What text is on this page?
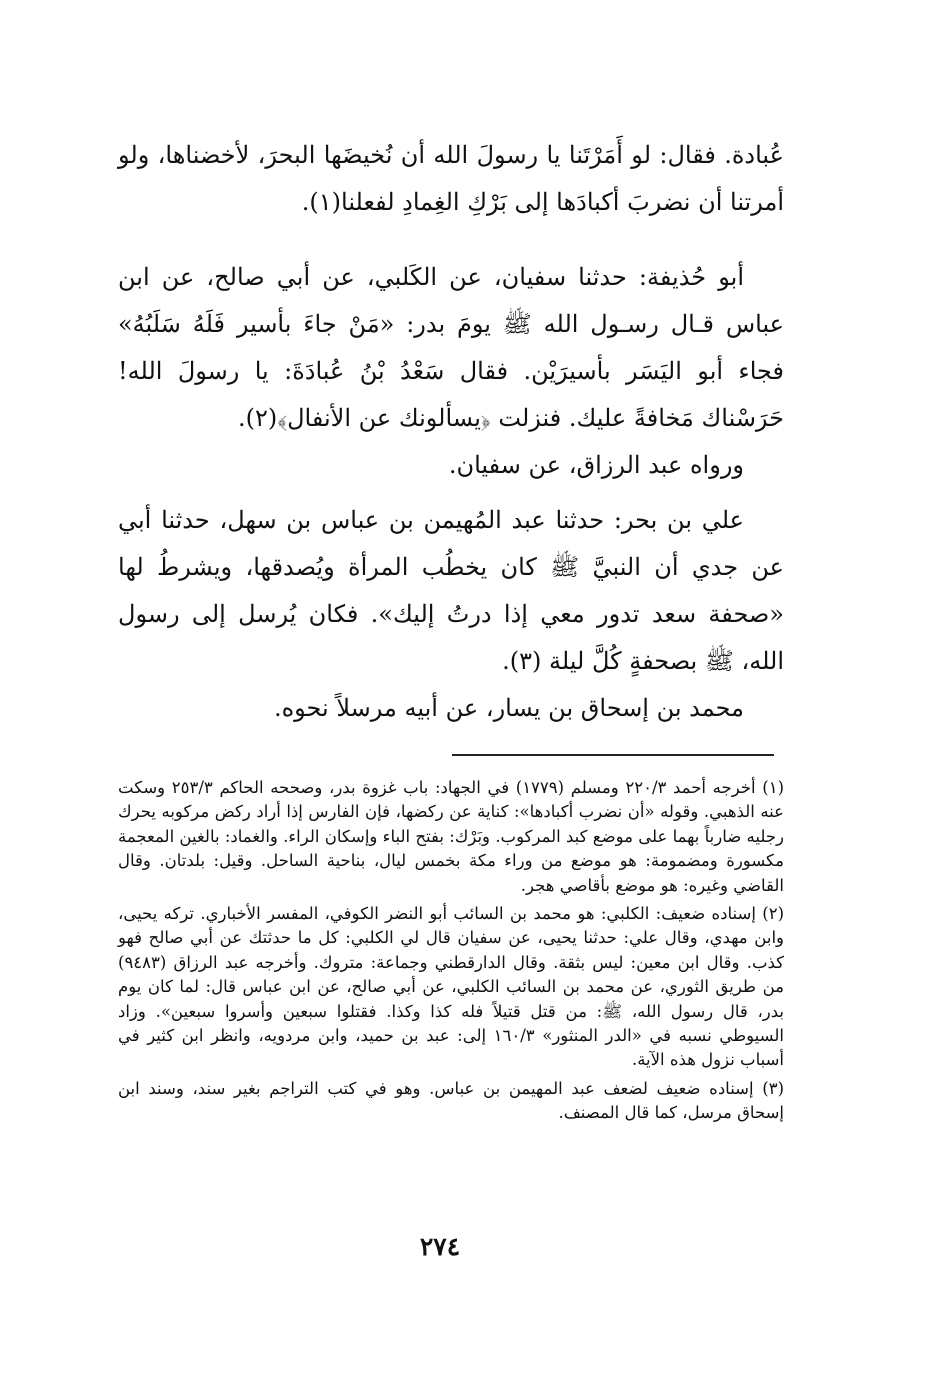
عُبادة. فقال: لو أَمَرْتَنا يا رسولَ الله أن نُخيضَها البحرَ، لأخضناها، ولو أمرتنا أن نضربَ أكبادَها إلى بَرْكِ الغِمادِ لفعلنا(١).

أبو حُذيفة: حدثنا سفيان، عن الكَلبي، عن أبي صالح، عن ابن عباس قـال رسـول الله ﷺ يومَ بدر: «مَنْ جاءَ بأسير فَلَهُ سَلَبُهُ» فجاء أبو اليَسَر بأسيرَيْن. فقال سَعْدُ بْنُ عُبادَةَ: يا رسولَ الله! حَرَسْناك مَخافةً عليك. فنزلت ﴿يسألونك عن الأنفال﴾(٢).

ورواه عبد الرزاق، عن سفيان.

علي بن بحر: حدثنا عبد المُهيمن بن عباس بن سهل، حدثنا أبي عن جدي أن النبيَّ ﷺ كان يخطُب المرأة ويُصدقها، ويشرطُ لها «صحفة سعد تدور معي إذا درتُ إليك». فكان يُرسل إلى رسول الله، ﷺ بصحفةٍ كُلَّ ليلة (٣).

محمد بن إسحاق بن يسار، عن أبيه مرسلاً نحوه.

(١) أخرجه أحمد ٢٢٠/٣ ومسلم (١٧٧٩) في الجهاد: باب غزوة بدر، وصححه الحاكم ٢٥٣/٣ وسكت عنه الذهبي. وقوله «أن نضرب أكبادها»: كناية عن ركضها، فإن الفارس إذا أراد ركض مركوبه يحرك رجليه ضارباً بهما على موضع كبد المركوب. وبَرْك: بفتح الباء وإسكان الراء. والغماد: بالغين المعجمة مكسورة ومضمومة: هو موضع من وراء مكة بخمس ليال، بناحية الساحل. وقيل: بلدتان. وقال القاضي وغيره: هو موضع بأقاصي هجر.

(٢) إسناده ضعيف: الكلبي: هو محمد بن السائب أبو النضر الكوفي، المفسر الأخباري. تركه يحيى، وابن مهدي، وقال علي: حدثنا يحيى، عن سفيان قال لي الكلبي: كل ما حدثتك عن أبي صالح فهو كذب. وقال ابن معين: ليس بثقة. وقال الدارقطني وجماعة: متروك. وأخرجه عبد الرزاق (٩٤٨٣) من طريق الثوري، عن محمد بن السائب الكلبي، عن أبي صالح، عن ابن عباس قال: لما كان يوم بدر، قال رسول الله، ﷺ: من قتل قتيلاً فله كذا وكذا. فقتلوا سبعين وأسروا سبعين». وزاد السيوطي نسبه في «الدر المنثور» ١٦٠/٣ إلى: عبد بن حميد، وابن مردويه، وانظر ابن كثير في أسباب نزول هذه الآية.

(٣) إسناده ضعيف لضعف عبد المهيمن بن عباس. وهو في كتب التراجم بغير سند، وسند ابن إسحاق مرسل، كما قال المصنف.

٢٧٤
